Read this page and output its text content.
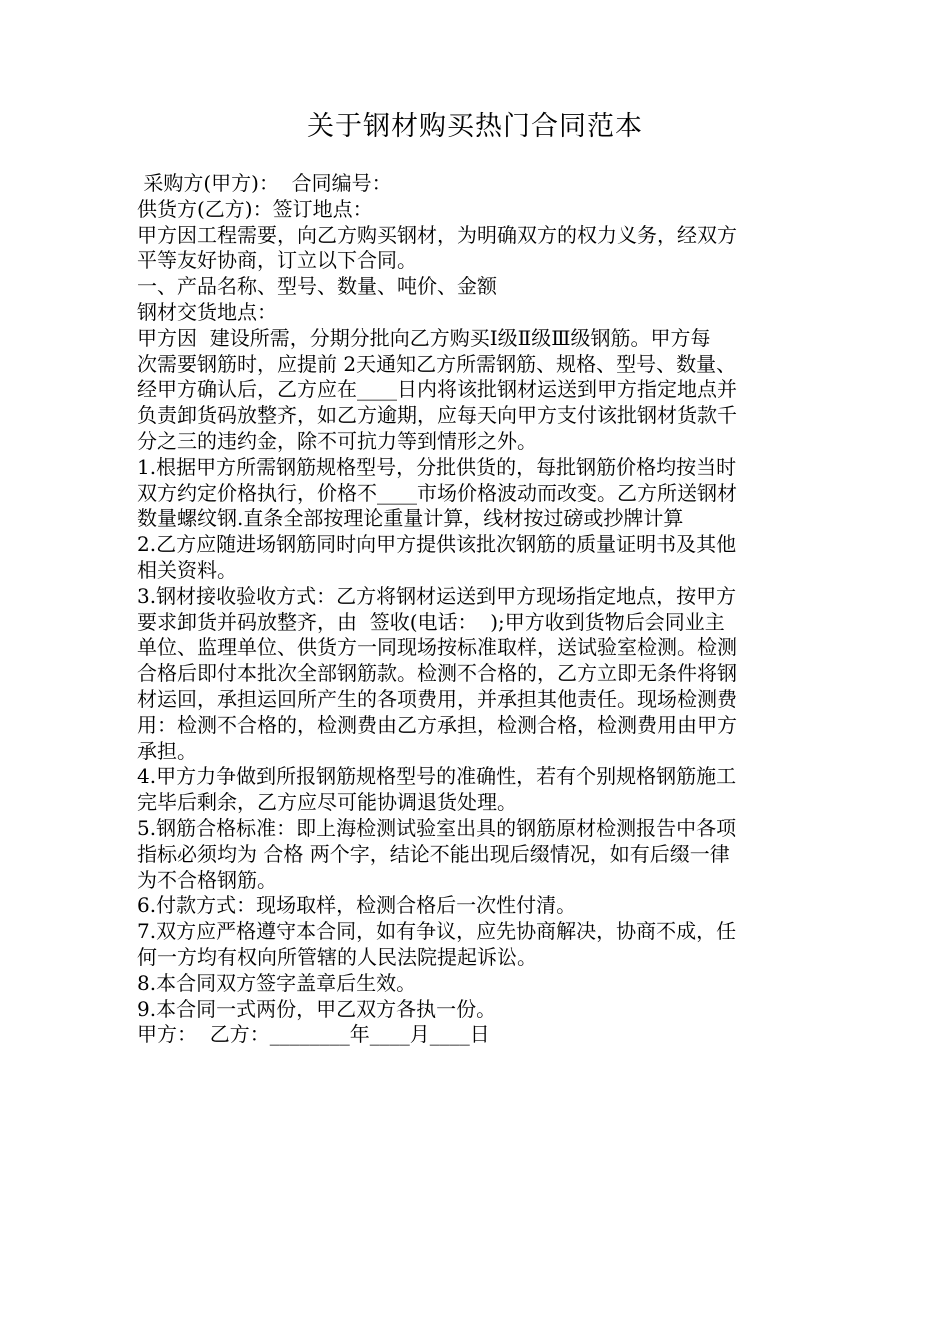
关于钢材购买热门合同范本

采购方(甲方)：  合同编号：

供货方(乙方)：签订地点：

甲方因工程需要，向乙方购买钢材，为明确双方的权力义务，经双方

平等友好协商，订立以下合同。

一、产品名称、型号、数量、吨价、金额

钢材交货地点：

甲方因  建设所需，分期分批向乙方购买Ⅰ级Ⅱ级Ⅲ级钢筋。甲方每

次需要钢筋时，应提前 2天通知乙方所需钢筋、规格、型号、数量、

经甲方确认后，乙方应在____日内将该批钢材运送到甲方指定地点并

负责卸货码放整齐，如乙方逾期，应每天向甲方支付该批钢材货款千

分之三的违约金，除不可抗力等到情形之外。

1.根据甲方所需钢筋规格型号，分批供货的，每批钢筋价格均按当时

双方约定价格执行，价格不____市场价格波动而改变。乙方所送钢材

数量螺纹钢.直条全部按理论重量计算，线材按过磅或抄牌计算

2.乙方应随进场钢筋同时向甲方提供该批次钢筋的质量证明书及其他

相关资料。

3.钢材接收验收方式：乙方将钢材运送到甲方现场指定地点，按甲方

要求卸货并码放整齐，由  签收(电话：  );甲方收到货物后会同业主

单位、监理单位、供货方一同现场按标准取样，送试验室检测。检测

合格后即付本批次全部钢筋款。检测不合格的，乙方立即无条件将钢

材运回，承担运回所产生的各项费用，并承担其他责任。现场检测费

用：检测不合格的，检测费由乙方承担，检测合格，检测费用由甲方

承担。

4.甲方力争做到所报钢筋规格型号的准确性，若有个别规格钢筋施工

完毕后剩余，乙方应尽可能协调退货处理。

5.钢筋合格标准：即上海检测试验室出具的钢筋原材检测报告中各项

指标必须均为 合格 两个字，结论不能出现后缀情况，如有后缀一律

为不合格钢筋。

6.付款方式：现场取样，检测合格后一次性付清。

7.双方应严格遵守本合同，如有争议，应先协商解决，协商不成，任

何一方均有权向所管辖的人民法院提起诉讼。

8.本合同双方签字盖章后生效。

9.本合同一式两份，甲乙双方各执一份。

甲方：  乙方：________年____月____日
